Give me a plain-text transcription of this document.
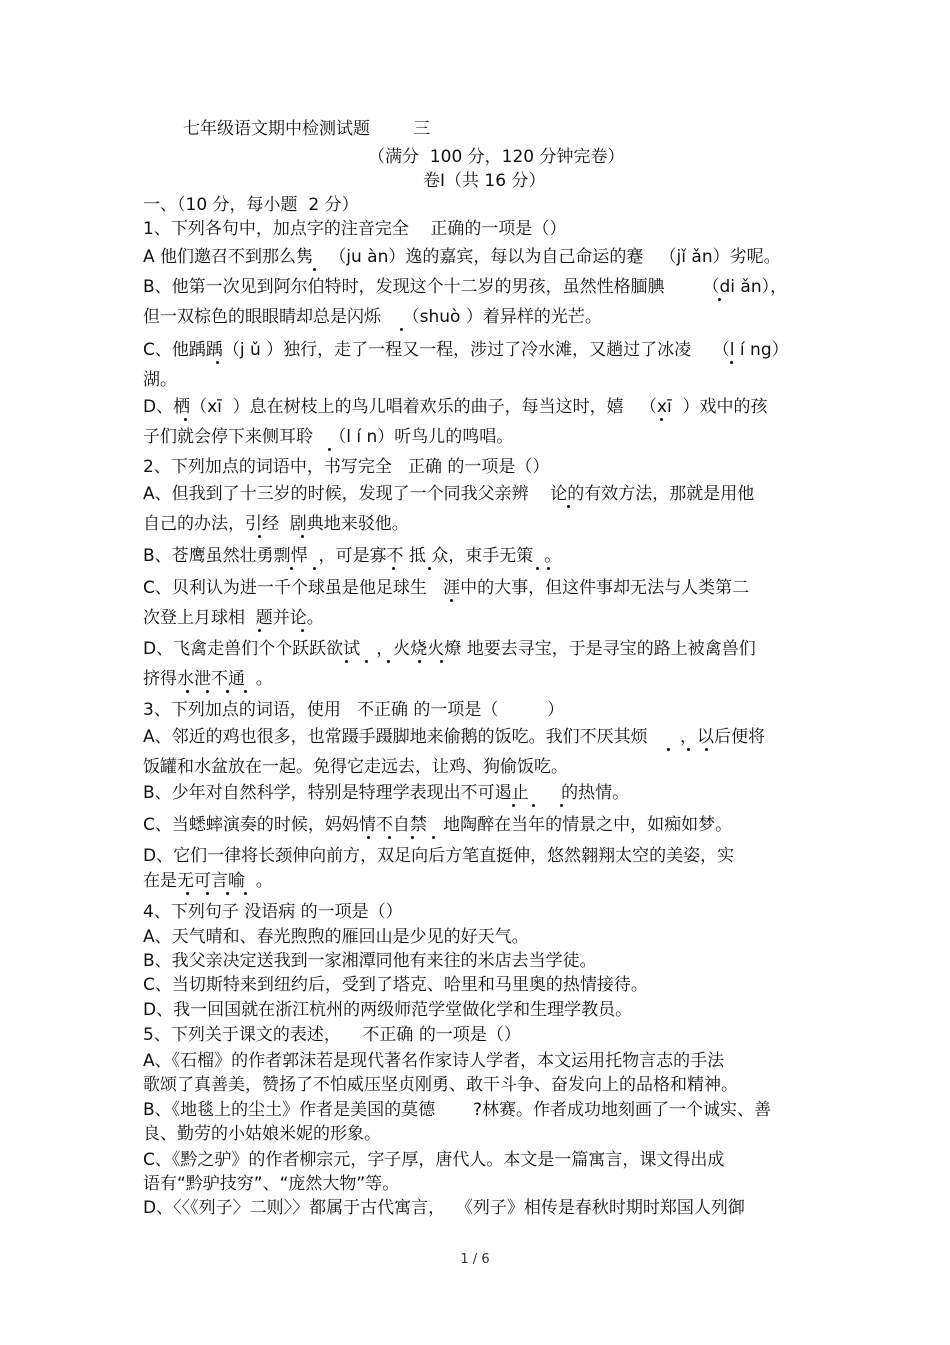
七年级语文期中检测试题	三
（满分  100 分，120 分钟完卷）
卷Ⅰ（共 16 分）
一、（10 分，每小题  2 分）
1、下列各句中，加点字的注音完全    正确的一项是（）
A 他们邀召不到那么隽   （ju àn）逸的嘉宾，每以为自己命运的蹇   （jǐ ǎn）劣呢。
B、他第一次见到阿尔伯特时，发现这个十二岁的男孩，虽然性格腼腆       （di ǎn），
但一双棕色的眼眼睛却总是闪烁    （shuò ）着异样的光芒。
C、他踽踽（j ǔ ）独行，走了一程又一程，涉过了冷水滩，又趟过了冰凌    （l í ng）
湖。
D、栖（xī  ）息在树枝上的鸟儿唱着欢乐的曲子，每当这时，嬉   （xī  ）戏中的孩
子们就会停下来侧耳聆   （l í n）听鸟儿的鸣唱。
2、下列加点的词语中，书写完全   正确 的一项是（）
A、但我到了十三岁的时候，发现了一个同我父亲辨    论的有效方法，那就是用他
自己的办法，引经  剧典地来驳他。
B、苍鹰虽然壮勇剽悍  ，可是寡不 抵 众，束手无策  。
C、贝利认为进一千个球虽是他足球生   涯中的大事，但这件事却无法与人类第二
次登上月球相  题并论。
D、飞禽走兽们个个跃跃欲试   ，火烧火燎 地要去寻宝，于是寻宝的路上被禽兽们
挤得水泄不通  。
3、下列加点的词语，使用   不正确 的一项是（         ）
A、邻近的鸡也很多，也常蹑手蹑脚地来偷鹅的饭吃。我们不厌其烦      ，以后便将
饭罐和水盆放在一起。免得它走远去，让鸡、狗偷饭吃。
B、少年对自然科学，特别是特理学表现出不可遏止      的热情。
C、当蟋蟀演奏的时候，妈妈情不自禁   地陶醉在当年的情景之中，如痴如梦。
D、它们一律将长颈伸向前方，双足向后方笔直挺伸，悠然翱翔太空的美姿，实
在是无可言喻  。
4、下列句子 没语病 的一项是（）
A、天气晴和、春光煦煦的雁回山是少见的好天气。
B、我父亲决定送我到一家湘潭同他有来往的米店去当学徒。
C、当切斯特来到纽约后，受到了塔克、哈里和马里奥的热情接待。
D、我一回国就在浙江杭州的两级师范学堂做化学和生理学教员。
5、下列关于课文的表述，    不正确 的一项是（）
A、《石榴》的作者郭沫若是现代著名作家诗人学者，本文运用托物言志的手法
歌颂了真善美，赞扬了不怕威压坚贞刚勇、敢干斗争、奋发向上的品格和精神。
B、《地毯上的尘土》作者是美国的莫德       ?林赛。作者成功地刻画了一个诚实、善
良、勤劳的小姑娘米妮的形象。
C、《黔之驴》的作者柳宗元，字子厚，唐代人。本文是一篇寓言，课文得出成
语有“黔驴技穷”、“庞然大物”等。
D、〈〈《列子〉二则〉〉都属于古代寓言，  《列子》相传是春秋时期时郑国人列御
1 / 6
